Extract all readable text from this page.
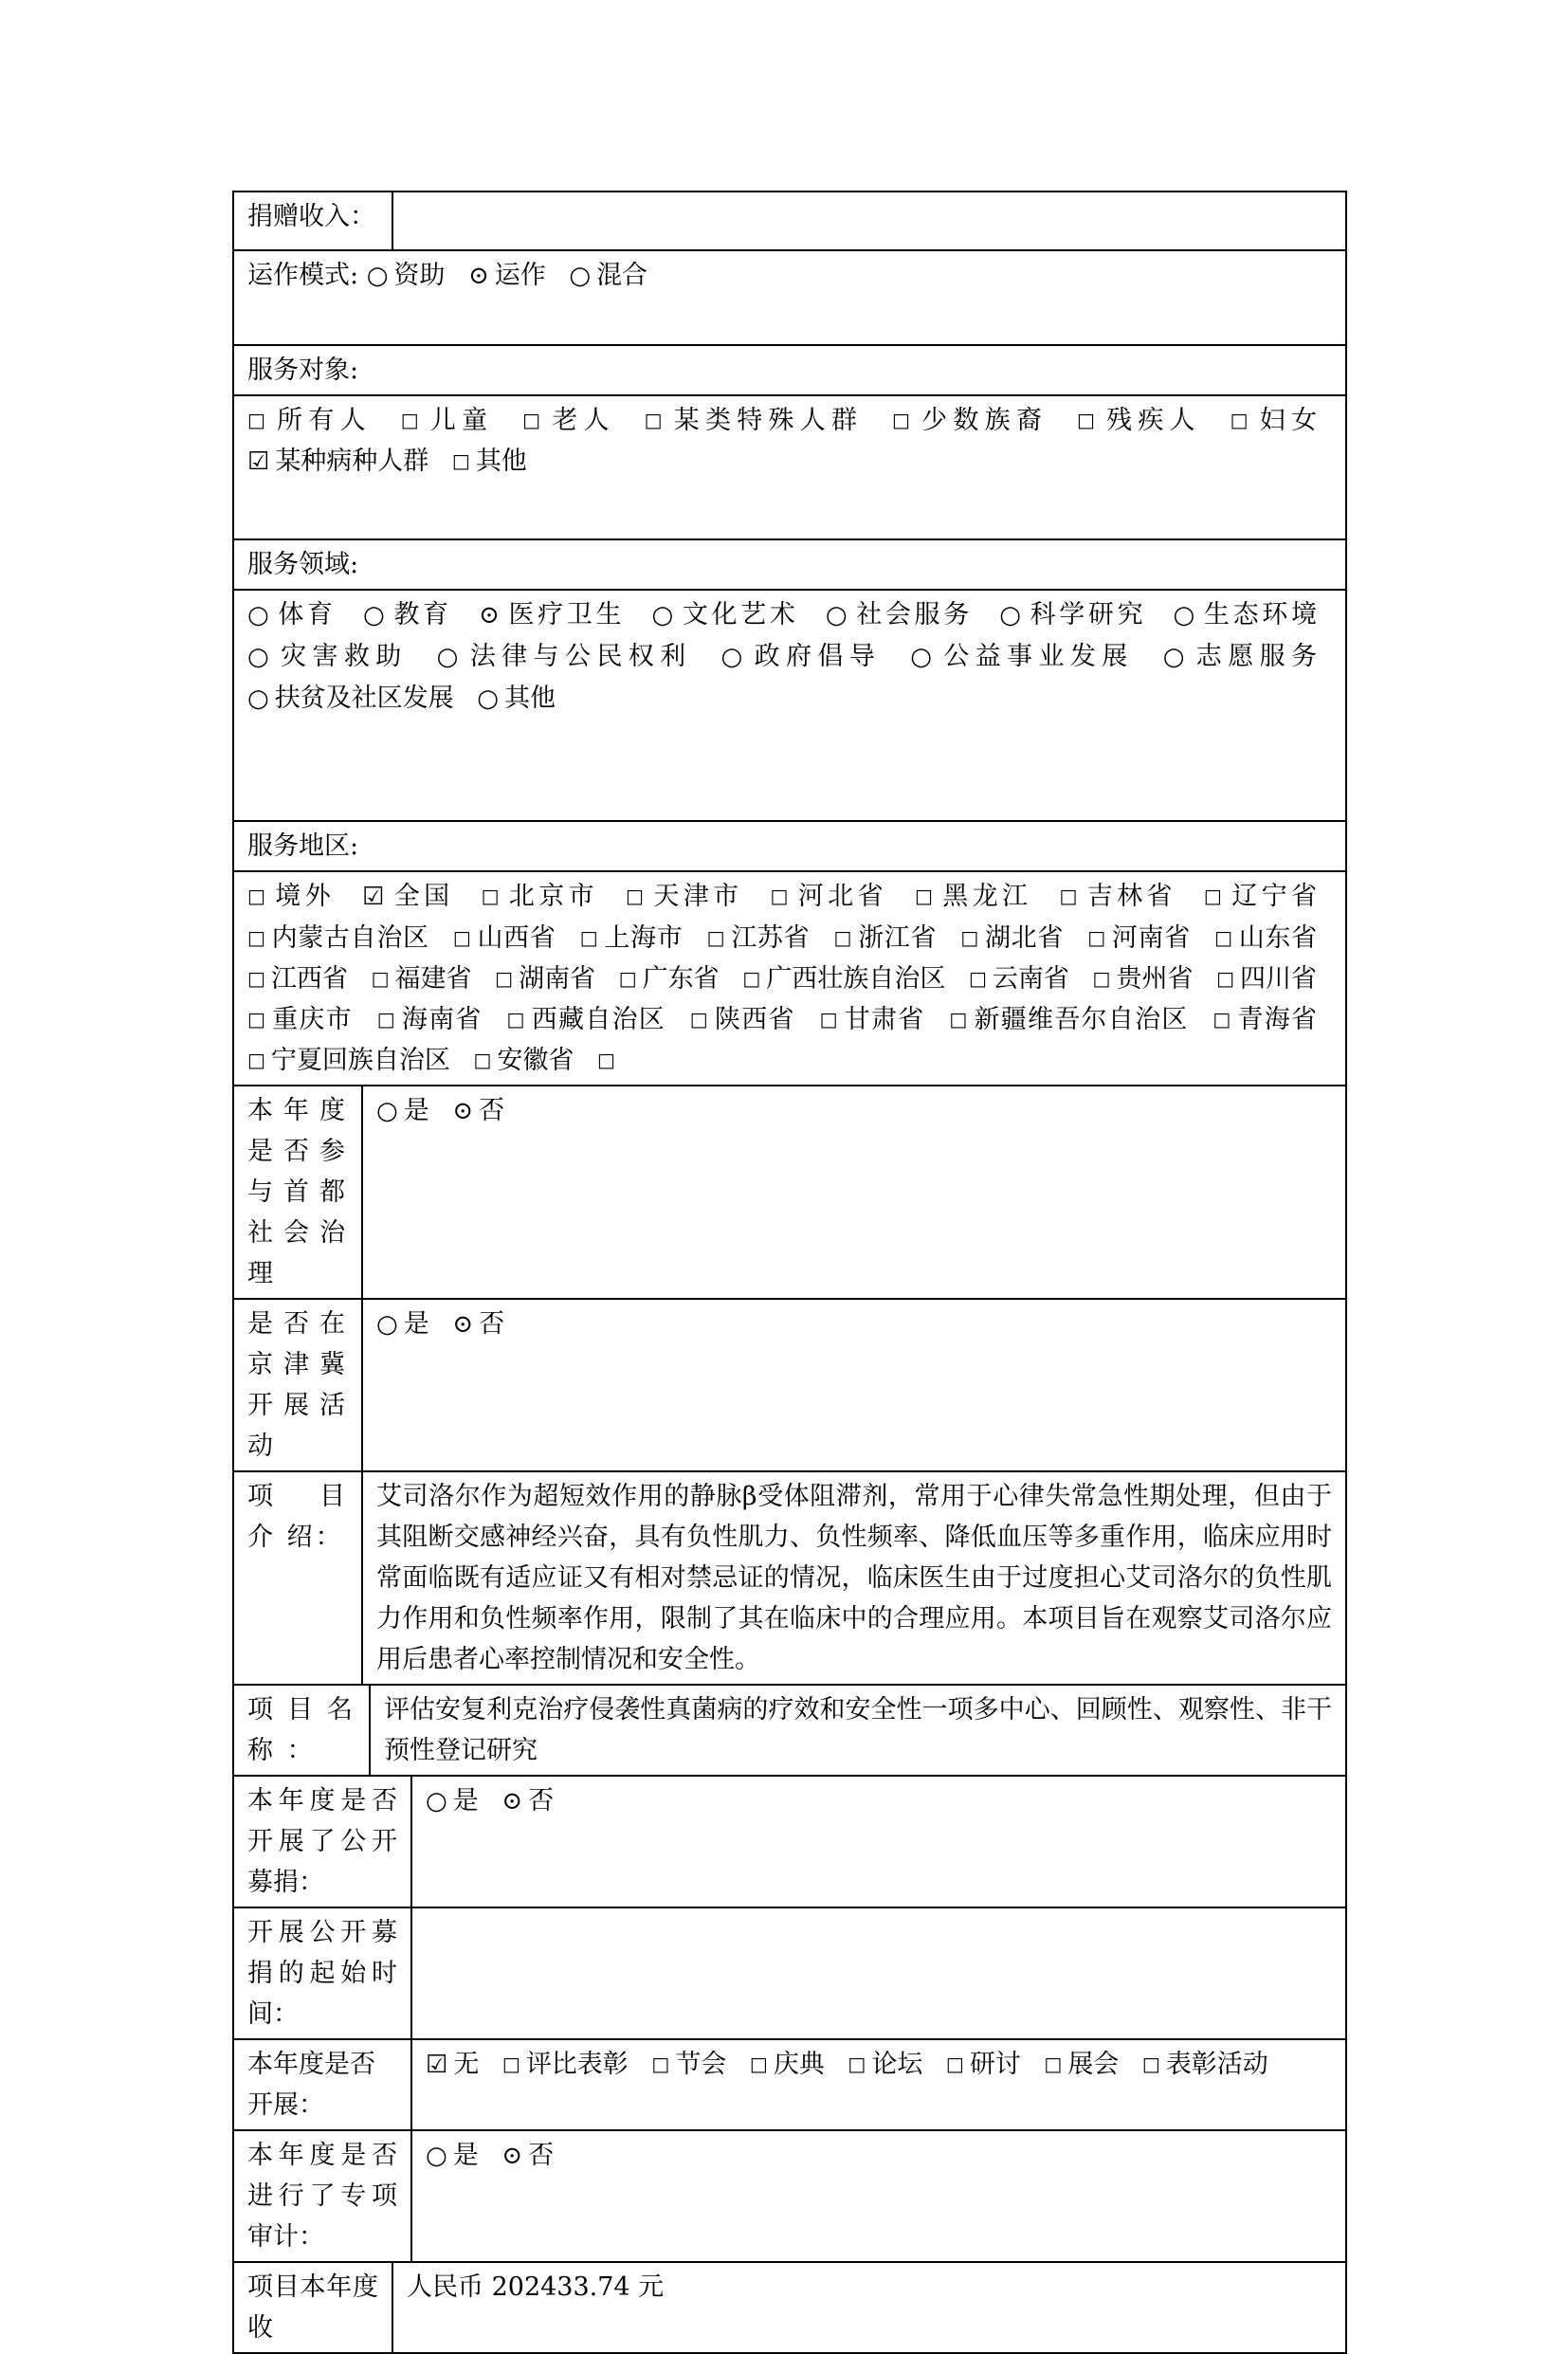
捐赠收入：				
运作模式: ○ 资助 ⊙ 运作 ○ 混合				
服务对象:				
□ 所有人 □ 儿童 □ 老人 □ 某类特殊人群 □ 少数族裔 □ 残疾人 □ 妇女 ☑ 某种病种人群 □ 其他				
服务领域:				
○ 体育 ○ 教育 ⊙ 医疗卫生 ○ 文化艺术 ○ 社会服务 ○ 科学研究 ○ 生态环境 ○ 灾害救助 ○ 法律与公民权利 ○ 政府倡导 ○ 公益事业发展 ○ 志愿服务 ○ 扶贫及社区发展 ○ 其他				
服务地区:				
□ 境外 ☑ 全国 □ 北京市 □ 天津市 □ 河北省 □ 黑龙江 □ 吉林省 □ 辽宁省 □ 内蒙古自治区 □ 山西省 □ 上海市 □ 江苏省 □ 浙江省 □ 湖北省 □ 河南省 □ 山东省 □ 江西省 □ 福建省 □ 湖南省 □ 广东省 □ 广西壮族自治区 □ 云南省 □ 贵州省 □ 四川省 □ 重庆市 □ 海南省 □ 西藏自治区 □ 陕西省 □ 甘肃省 □ 新疆维吾尔自治区 □ 青海省 □ 宁夏回族自治区 □ 安徽省 □				
本年度是否参与首都社会治理	○ 是 ⊙ 否			
是否在京津冀开展活动	○ 是 ⊙ 否			
项 目 介 绍：	艾司洛尔作为超短效作用的静脉β受体阻滞剂，常用于心律失常急性期处理，但由于其阻断交感神经兴奋，具有负性肌力、负性频率、降低血压等多重作用，临床应用时常面临既有适应证又有相对禁忌证的情况，临床医生由于过度担心艾司洛尔的负性肌力作用和负性频率作用，限制了其在临床中的合理应用。本项目旨在观察艾司洛尔应用后患者心率控制情况和安全性。			
项 目 名 称 ：		评估安复利克治疗侵袭性真菌病的疗效和安全性一项多中心、回顾性、观察性、非干预性登记研究		
本年度是否开展了公开募捐：				○ 是 ⊙ 否
开展公开募捐的起始时间：				
本年度是否开展：				☑ 无 □ 评比表彰 □ 节会 □ 庆典 □ 论坛 □ 研讨 □ 展会 □ 表彰活动
本年度是否进行了专项审计：				○ 是 ⊙ 否
项目本年度收			人民币 202433.74 元	
